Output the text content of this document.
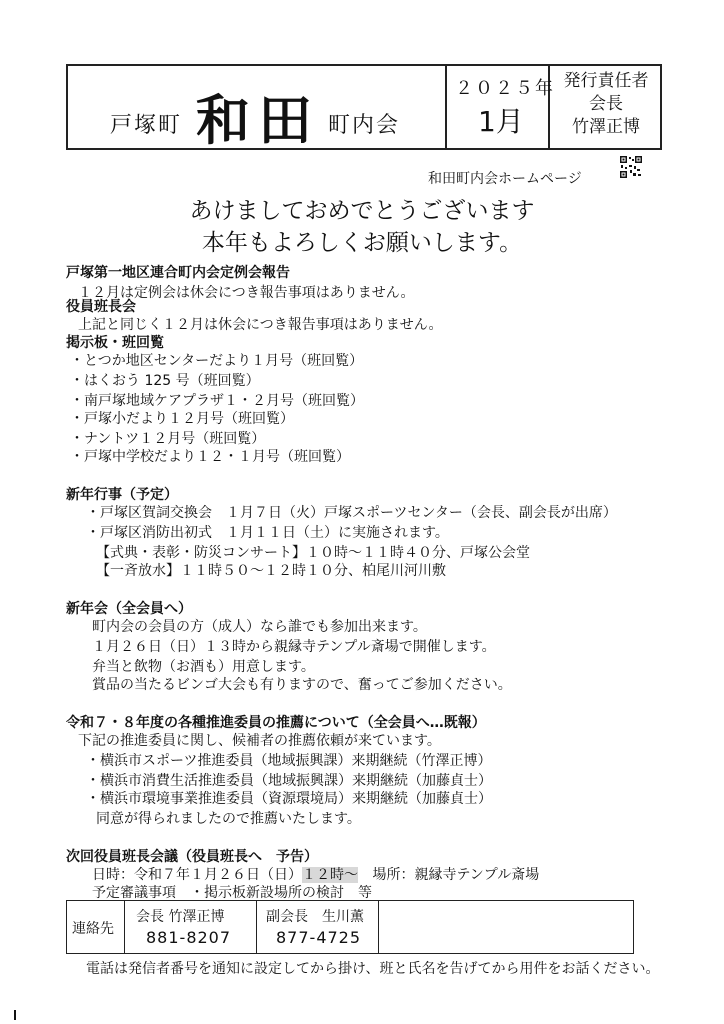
戸塚町 和田 町内会
２０２５年
1月
発行責任者
会長
竹澤正博
和田町内会ホームページ
あけましておめでとうございます
本年もよろしくお願いします。
戸塚第一地区連合町内会定例会報告
１２月は定例会は休会につき報告事項はありません。
役員班長会
上記と同じく１２月は休会につき報告事項はありません。
掲示板・班回覧
・とつか地区センターだより１月号（班回覧）
・はくおう 125 号（班回覧）
・南戸塚地域ケアプラザ１・２月号（班回覧）
・戸塚小だより１２月号（班回覧）
・ナントツ１２月号（班回覧）
・戸塚中学校だより１２・１月号（班回覧）
新年行事（予定）
・戸塚区賀詞交換会　１月７日（火）戸塚スポーツセンター（会長、副会長が出席）
・戸塚区消防出初式　１月１１日（土）に実施されます。
【式典・表彰・防災コンサート】１０時～１１時４０分、戸塚公会堂
【一斉放水】１１時５０～１２時１０分、柏尾川河川敷
新年会（全会員へ）
町内会の会員の方（成人）なら誰でも参加出来ます。
１月２６日（日）１３時から親縁寺テンプル斎場で開催します。
弁当と飲物（お酒も）用意します。
賞品の当たるビンゴ大会も有りますので、奮ってご参加ください。
令和７・８年度の各種推進委員の推薦について（全会員へ…既報）
下記の推進委員に関し、候補者の推薦依頼が来ています。
・横浜市スポーツ推進委員（地域振興課）来期継続（竹澤正博）
・横浜市消費生活推進委員（地域振興課）来期継続（加藤貞士）
・横浜市環境事業推進委員（資源環境局）来期継続（加藤貞士）
同意が得られましたので推薦いたします。
次回役員班長会議（役員班長へ　予告）
日時：令和７年１月２６日（日）１２時～ 場所：親縁寺テンプル斎場
予定審議事項　・掲示板新設場所の検討　等
連絡先
会長 竹澤正博
881-8207
副会長　生川薫
877-4725
電話は発信者番号を通知に設定してから掛け、班と氏名を告げてから用件をお話ください。
